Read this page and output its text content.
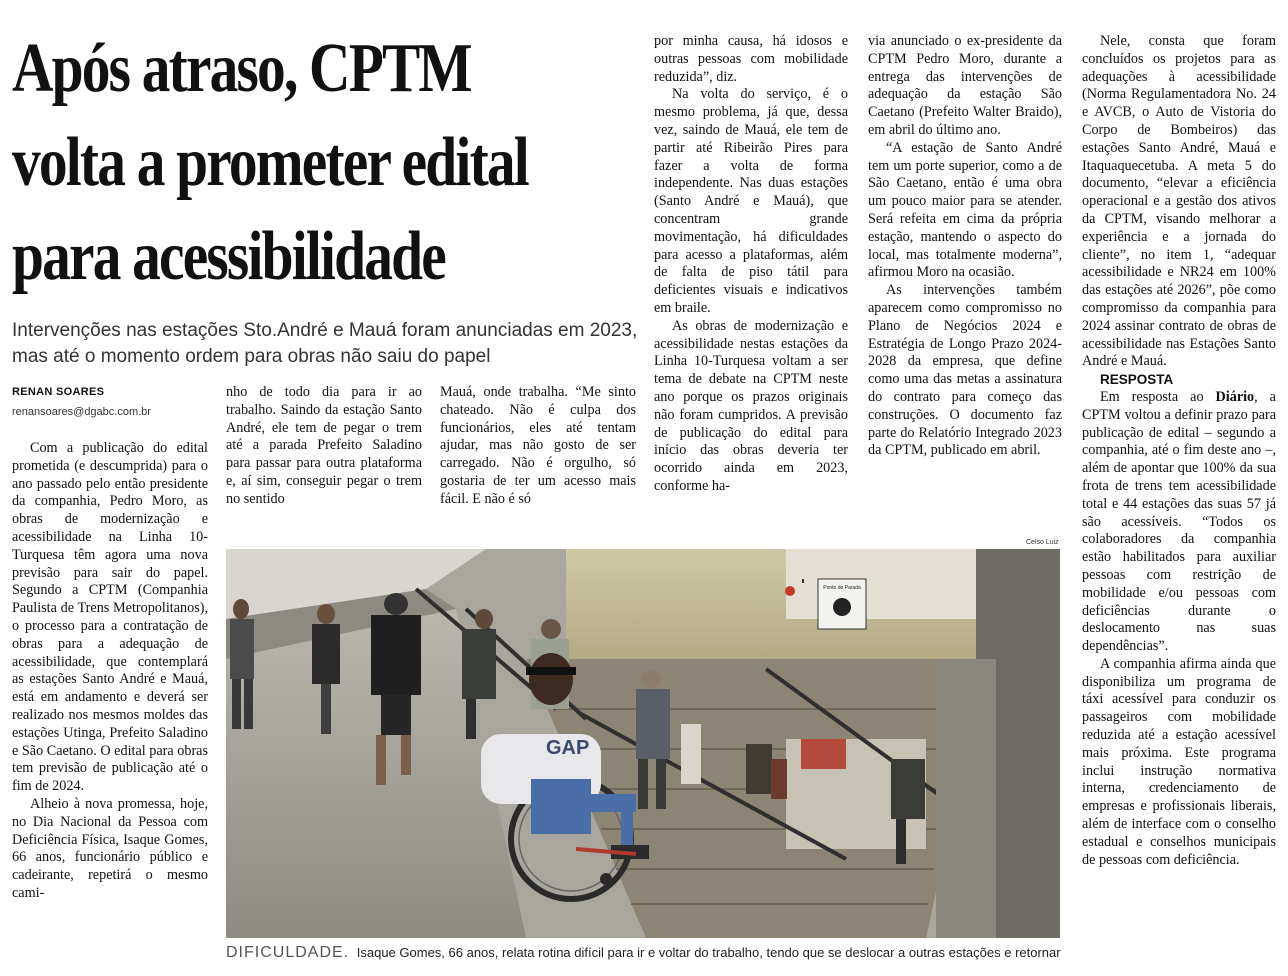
Após atraso, CPTM
volta a prometer edital
para acessibilidade

Intervenções nas estações Sto.André e Mauá foram anunciadas em 2023, mas até o momento ordem para obras não saiu do papel

RENAN SOARES
renansoares@dgabc.com.br

Com a publicação do edital prometida (e descumprida) para o ano passado pelo então presidente da companhia, Pedro Moro, as obras de modernização e acessibilidade na Linha 10-Turquesa têm agora uma nova previsão para sair do papel. Segundo a CPTM (Companhia Paulista de Trens Metropolitanos), o processo para a contratação de obras para a adequação de acessibilidade, que contemplará as estações Santo André e Mauá, está em andamento e deverá ser realizado nos mesmos moldes das estações Utinga, Prefeito Saladino e São Caetano. O edital para obras tem previsão de publicação até o fim de 2024.

Alheio à nova promessa, hoje, no Dia Nacional da Pessoa com Deficiência Física, Isaque Gomes, 66 anos, funcionário público e cadeirante, repetirá o mesmo cami-

nho de todo dia para ir ao trabalho. Saindo da estação Santo André, ele tem de pegar o trem até a parada Prefeito Saladino para passar para outra plataforma e, aí sim, conseguir pegar o trem no sentido

Mauá, onde trabalha. “Me sinto chateado. Não é culpa dos funcionários, eles até tentam ajudar, mas não gosto de ser carregado. Não é orgulho, só gostaria de ter um acesso mais fácil. E não é só

por minha causa, há idosos e outras pessoas com mobilidade reduzida”, diz.

Na volta do serviço, é o mesmo problema, já que, dessa vez, saindo de Mauá, ele tem de partir até Ribeirão Pires para fazer a volta de forma independente. Nas duas estações (Santo André e Mauá), que concentram grande movimentação, há dificuldades para acesso a plataformas, além de falta de piso tátil para deficientes visuais e indicativos em braile.

As obras de modernização e acessibilidade nestas estações da Linha 10-Turquesa voltam a ser tema de debate na CPTM neste ano porque os prazos originais não foram cumpridos. A previsão de publicação do edital para início das obras deveria ter ocorrido ainda em 2023, conforme ha-

via anunciado o ex-presidente da CPTM Pedro Moro, durante a entrega das intervenções de adequação da estação São Caetano (Prefeito Walter Braido), em abril do último ano.

“A estação de Santo André tem um porte superior, como a de São Caetano, então é uma obra um pouco maior para se atender. Será refeita em cima da própria estação, mantendo o aspecto do local, mas totalmente moderna”, afirmou Moro na ocasião.

As intervenções também aparecem como compromisso no Plano de Negócios 2024 e Estratégia de Longo Prazo 2024-2028 da empresa, que define como uma das metas a assinatura do contrato para começo das construções. O documento faz parte do Relatório Integrado 2023 da CPTM, publicado em abril.

Nele, consta que foram concluídos os projetos para as adequações à acessibilidade (Norma Regulamentadora No. 24 e AVCB, o Auto de Vistoria do Corpo de Bombeiros) das estações Santo André, Mauá e Itaquaquecetuba. A meta 5 do documento, “elevar a eficiência operacional e a gestão dos ativos da CPTM, visando melhorar a experiência e a jornada do cliente”, no item 1, “adequar acessibilidade e NR24 em 100% das estações até 2026”, põe como compromisso da companhia para 2024 assinar contrato de obras de acessibilidade nas Estações Santo André e Mauá.

RESPOSTA

Em resposta ao Diário, a CPTM voltou a definir prazo para publicação de edital – segundo a companhia, até o fim deste ano –, além de apontar que 100% da sua frota de trens tem acessibilidade total e 44 estações das suas 57 já são acessíveis. “Todos os colaboradores da companhia estão habilitados para auxiliar pessoas com restrição de mobilidade e/ou pessoas com deficiências durante o deslocamento nas suas dependências”.

A companhia afirma ainda que disponibiliza um programa de táxi acessível para conduzir os passageiros com mobilidade reduzida até a estação acessível mais próxima. Este programa inclui instrução normativa interna, credenciamento de empresas e profissionais liberais, além de interface com o conselho estadual e conselhos municipais de pessoas com deficiência.

Celso Luiz
Ponto de Parada
GAP
DIFICULDADE. Isaque Gomes, 66 anos, relata rotina difícil para ir e voltar do trabalho, tendo que se deslocar a outras estações e retornar
